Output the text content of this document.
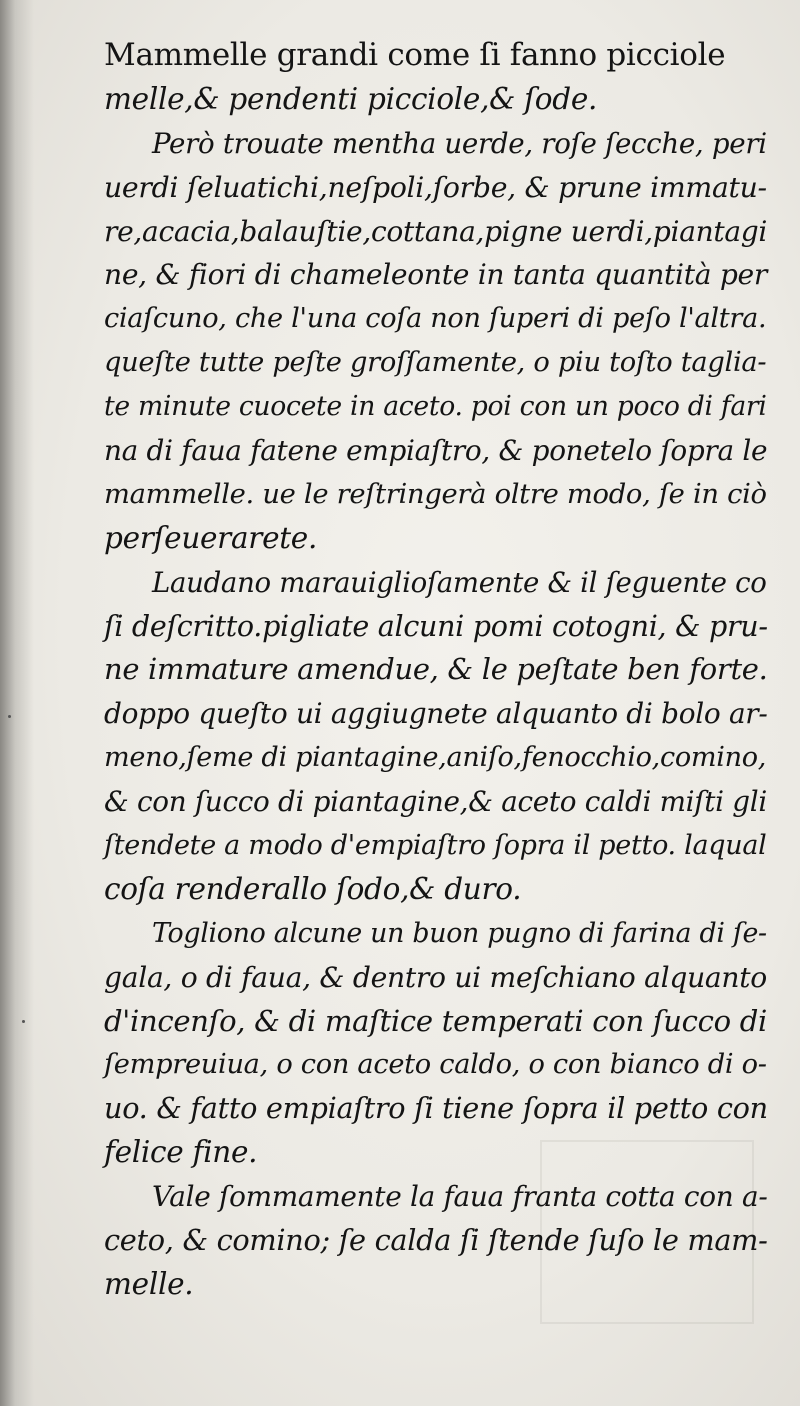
Mammelle grandi come ſi fanno picciole
melle,& pendenti picciole,& ſode.
Però trouate mentha uerde, roſe ſecche, peri
uerdi ſeluatichi,neſpoli,ſorbe, & prune immatu-
re,acacia,balauſtie,cottana,pigne uerdi,piantagi
ne, & fiori di chameleonte in tanta quantità per
ciaſcuno, che l'una coſa non ſuperi di peſo l'altra.
queſte tutte peſte groſſamente, o piu toſto taglia-
te minute cuocete in aceto. poi con un poco di fari
na di faua fatene empiaſtro, & ponetelo ſopra le
mammelle. ue le reſtringerà oltre modo, ſe in ciò
perſeuerarete.
Laudano marauiglioſamente & il ſeguente co
ſi deſcritto.pigliate alcuni pomi cotogni, & pru-
ne immature amendue, & le peſtate ben forte.
doppo queſto ui aggiugnete alquanto di bolo ar-
meno,ſeme di piantagine,aniſo,fenocchio,comino,
& con ſucco di piantagine,& aceto caldi miſti gli
ſtendete a modo d'empiaſtro ſopra il petto. laqual
coſa renderallo ſodo,& duro.
Togliono alcune un buon pugno di farina di ſe-
gala, o di faua, & dentro ui meſchiano alquanto
d'incenſo, & di maſtice temperati con ſucco di
ſempreuiua, o con aceto caldo, o con bianco di o-
uo. & fatto empiaſtro ſi tiene ſopra il petto con
felice fine.
Vale ſommamente la faua franta cotta con a-
ceto, & comino; ſe calda ſi ſtende ſuſo le mam-
melle.
